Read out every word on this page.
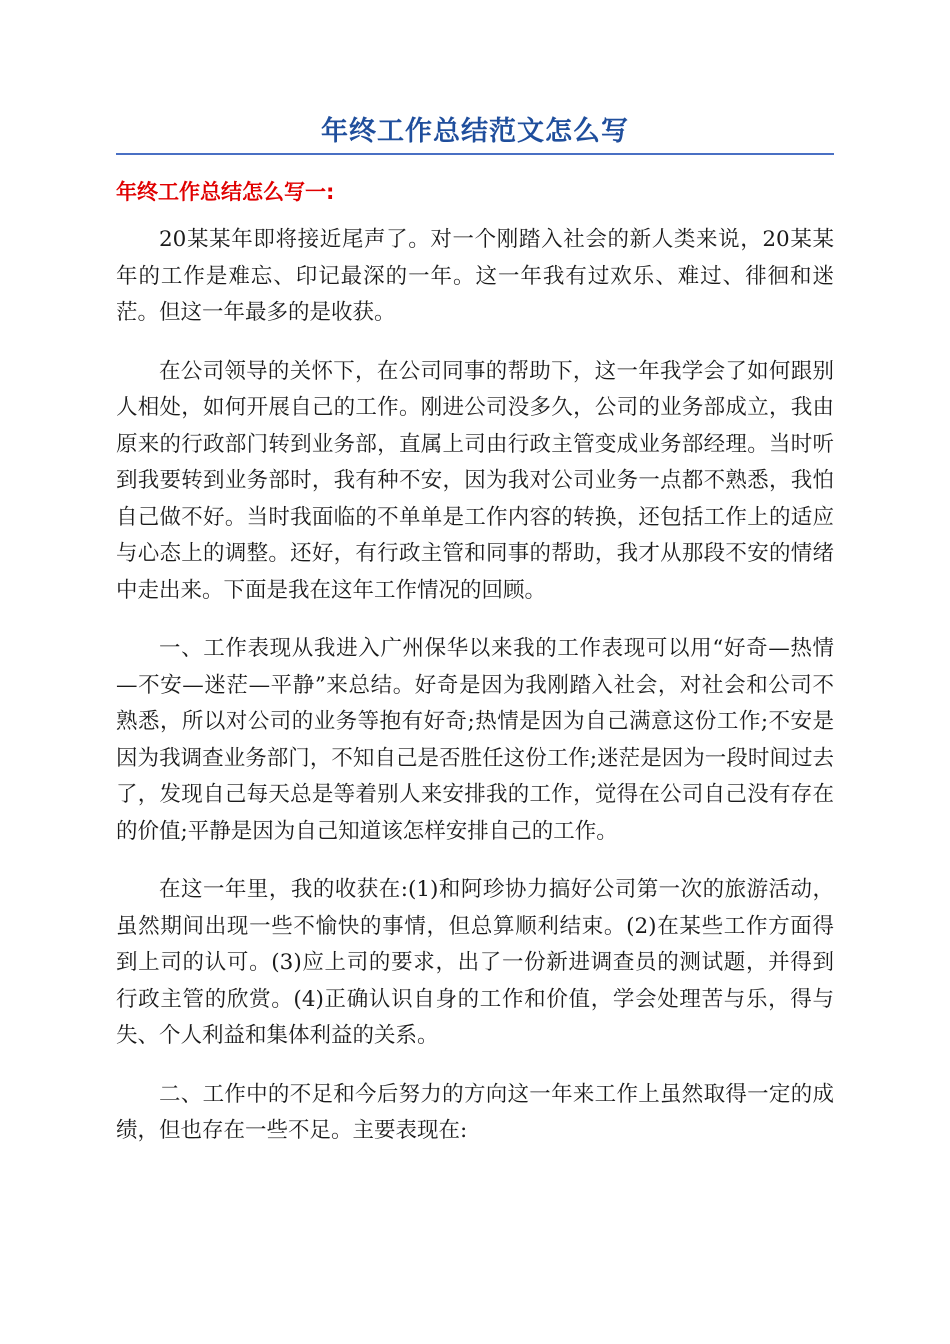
年终工作总结范文怎么写
年终工作总结怎么写一:

20某某年即将接近尾声了。对一个刚踏入社会的新人类来说，20某某年的工作是难忘、印记最深的一年。这一年我有过欢乐、难过、徘徊和迷茫。但这一年最多的是收获。

在公司领导的关怀下，在公司同事的帮助下，这一年我学会了如何跟别人相处，如何开展自己的工作。刚进公司没多久，公司的业务部成立，我由原来的行政部门转到业务部，直属上司由行政主管变成业务部经理。当时听到我要转到业务部时，我有种不安，因为我对公司业务一点都不熟悉，我怕自己做不好。当时我面临的不单单是工作内容的转换，还包括工作上的适应与心态上的调整。还好，有行政主管和同事的帮助，我才从那段不安的情绪中走出来。下面是我在这年工作情况的回顾。

一、工作表现从我进入广州保华以来我的工作表现可以用“好奇—热情—不安—迷茫—平静”来总结。好奇是因为我刚踏入社会，对社会和公司不熟悉，所以对公司的业务等抱有好奇;热情是因为自己满意这份工作;不安是因为我调查业务部门，不知自己是否胜任这份工作;迷茫是因为一段时间过去了，发现自己每天总是等着别人来安排我的工作，觉得在公司自己没有存在的价值;平静是因为自己知道该怎样安排自己的工作。

在这一年里，我的收获在:(1)和阿珍协力搞好公司第一次的旅游活动，虽然期间出现一些不愉快的事情，但总算顺利结束。(2)在某些工作方面得到上司的认可。(3)应上司的要求，出了一份新进调查员的测试题，并得到行政主管的欣赏。(4)正确认识自身的工作和价值，学会处理苦与乐，得与失、个人利益和集体利益的关系。

二、工作中的不足和今后努力的方向这一年来工作上虽然取得一定的成绩，但也存在一些不足。主要表现在:
